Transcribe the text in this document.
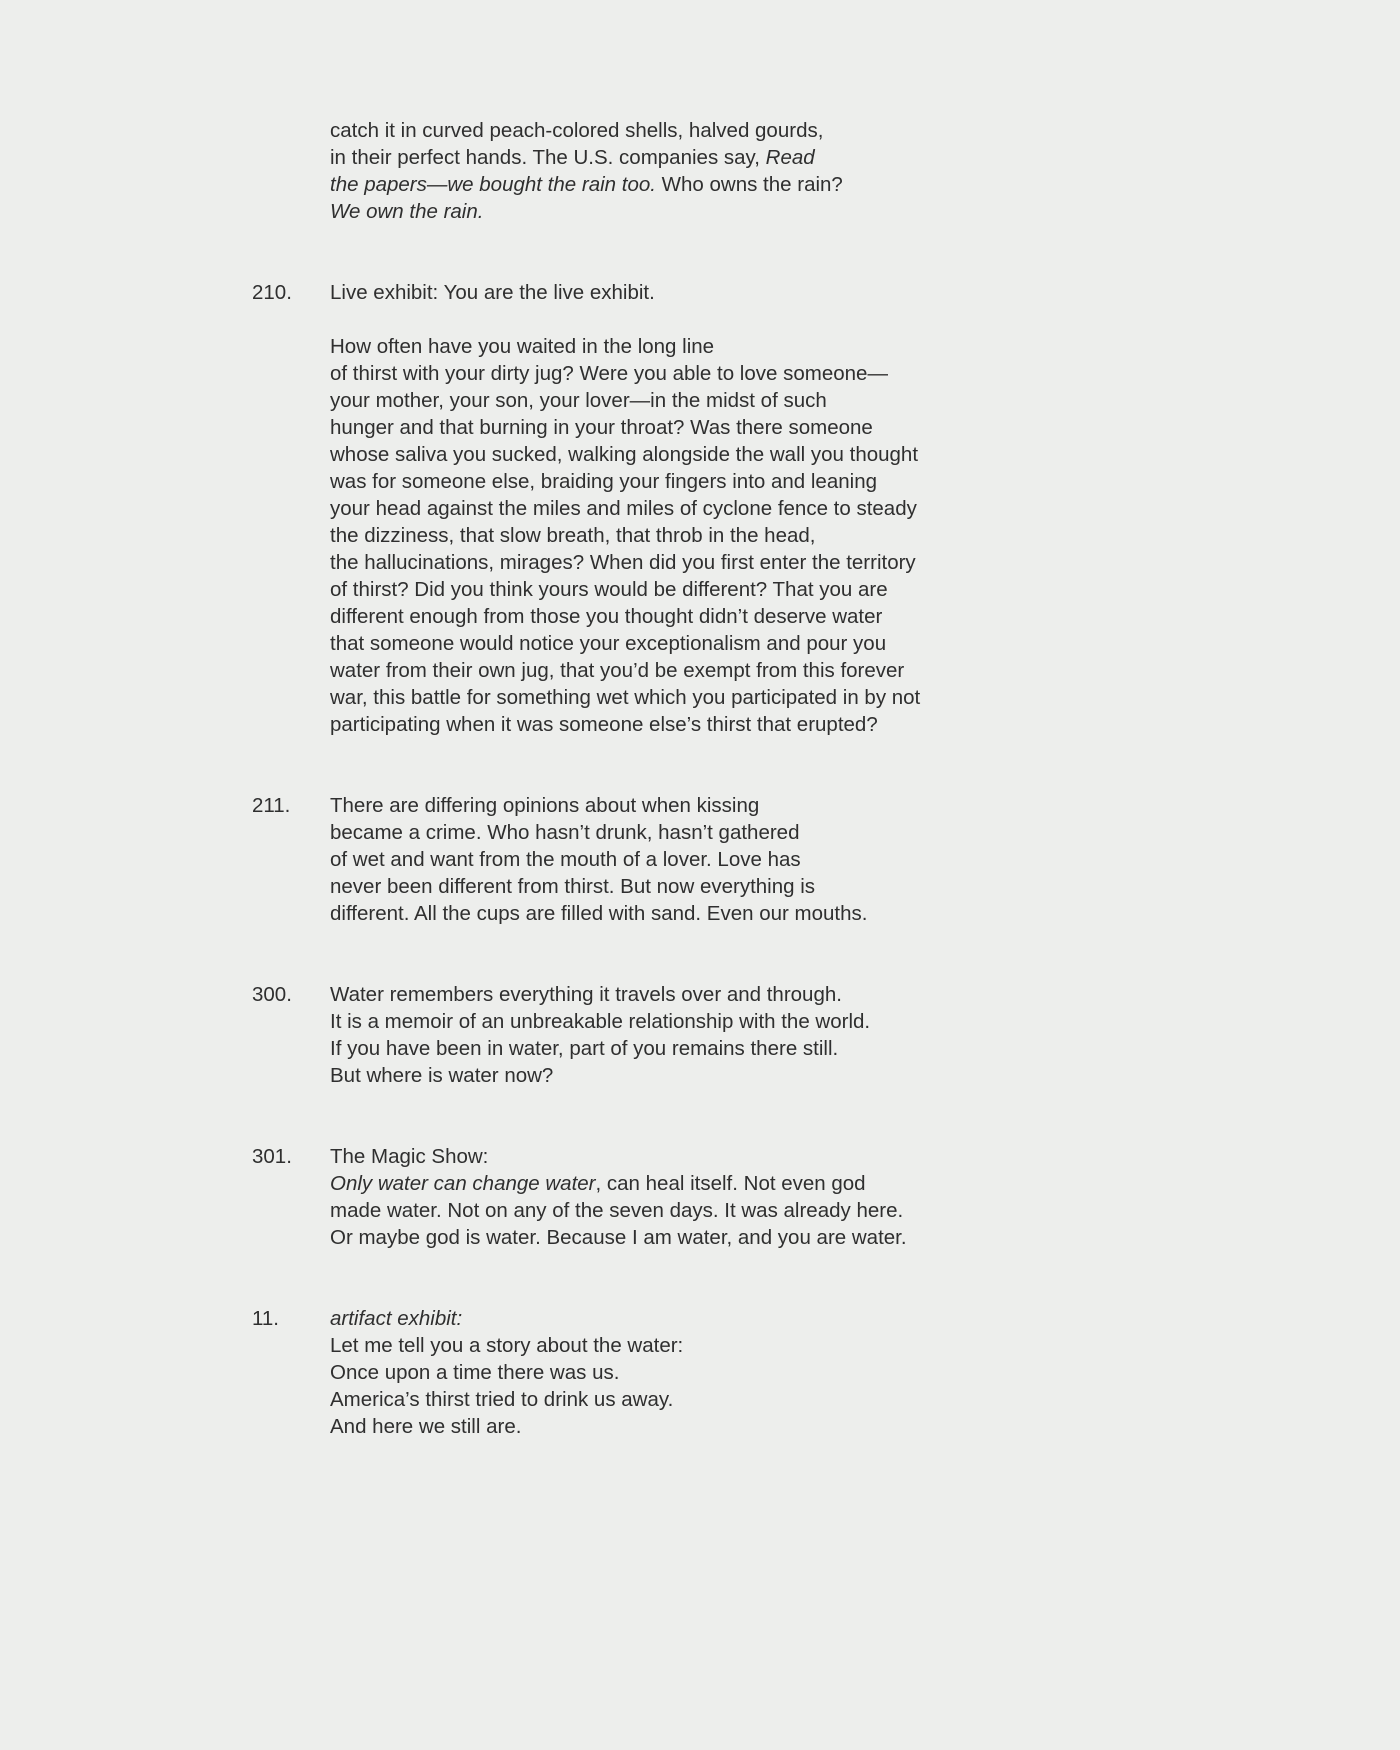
catch it in curved peach-colored shells, halved gourds,
in their perfect hands. The U.S. companies say, Read
the papers—we bought the rain too. Who owns the rain?
We own the rain.
210. Live exhibit: You are the live exhibit.
How often have you waited in the long line
of thirst with your dirty jug? Were you able to love someone—
your mother, your son, your lover—in the midst of such
hunger and that burning in your throat? Was there someone
whose saliva you sucked, walking alongside the wall you thought
was for someone else, braiding your fingers into and leaning
your head against the miles and miles of cyclone fence to steady
the dizziness, that slow breath, that throb in the head,
the hallucinations, mirages? When did you first enter the territory
of thirst? Did you think yours would be different? That you are
different enough from those you thought didn’t deserve water
that someone would notice your exceptionalism and pour you
water from their own jug, that you’d be exempt from this forever
war, this battle for something wet which you participated in by not
participating when it was someone else’s thirst that erupted?
211. There are differing opinions about when kissing
became a crime. Who hasn’t drunk, hasn’t gathered
of wet and want from the mouth of a lover. Love has
never been different from thirst. But now everything is
different. All the cups are filled with sand. Even our mouths.
300. Water remembers everything it travels over and through.
It is a memoir of an unbreakable relationship with the world.
If you have been in water, part of you remains there still.
But where is water now?
301. The Magic Show:
Only water can change water, can heal itself. Not even god
made water. Not on any of the seven days. It was already here.
Or maybe god is water. Because I am water, and you are water.
11. artifact exhibit:
Let me tell you a story about the water:
Once upon a time there was us.
America’s thirst tried to drink us away.
And here we still are.
